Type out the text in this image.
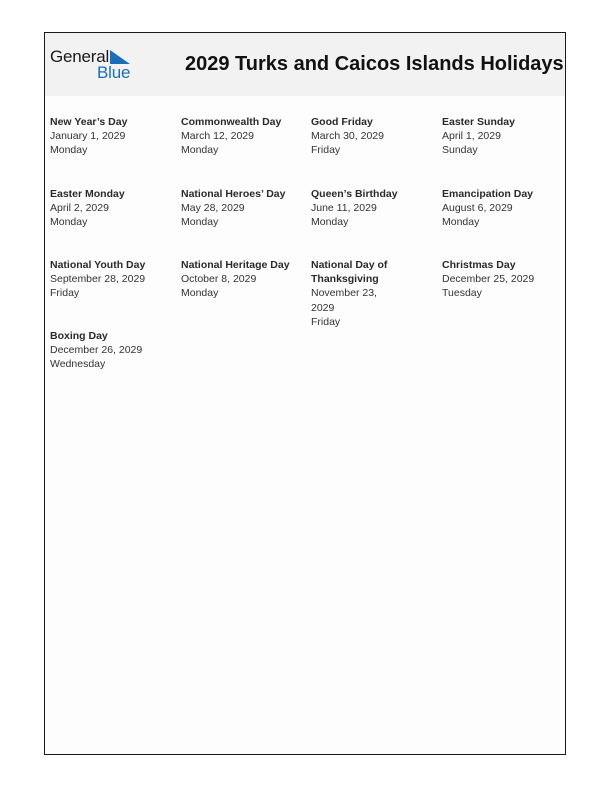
General
Blue	2029 Turks and Caicos Islands Holidays
New Year’s Day
January 1, 2029
Monday
Commonwealth Day
March 12, 2029
Monday
Good Friday
March 30, 2029
Friday
Easter Sunday
April 1, 2029
Sunday
Easter Monday
April 2, 2029
Monday
National Heroes’ Day
May 28, 2029
Monday
Queen’s Birthday
June 11, 2029
Monday
Emancipation Day
August 6, 2029
Monday
National Youth Day
September 28, 2029
Friday
National Heritage Day
October 8, 2029
Monday
National Day of Thanksgiving
November 23, 2029
Friday
Christmas Day
December 25, 2029
Tuesday
Boxing Day
December 26, 2029
Wednesday
